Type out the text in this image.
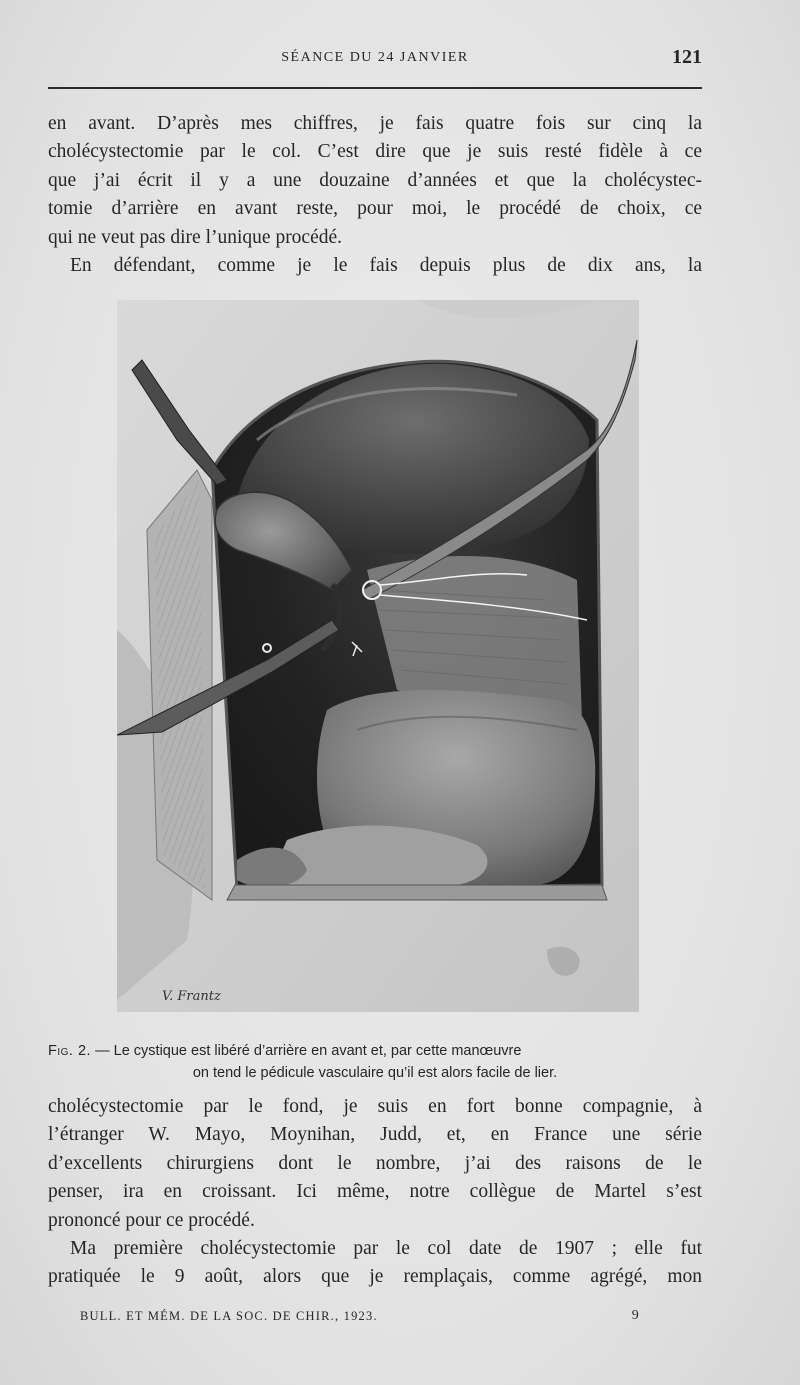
SÉANCE DU 24 JANVIER	121
en avant. D’après mes chiffres, je fais quatre fois sur cinq la
cholécystectomie par le col. C’est dire que je suis resté fidèle à ce
que j’ai écrit il y a une douzaine d’années et que la cholécystec-
tomie d’arrière en avant reste, pour moi, le procédé de choix, ce
qui ne veut pas dire l’unique procédé.
En défendant, comme je le fais depuis plus de dix ans, la
V. Frantz
Fig. 2. — Le cystique est libéré d’arrière en avant et, par cette manœuvre
on tend le pédicule vasculaire qu’il est alors facile de lier.
cholécystectomie par le fond, je suis en fort bonne compagnie, à
l’étranger W. Mayo, Moynihan, Judd, et, en France une série
d’excellents chirurgiens dont le nombre, j’ai des raisons de le
penser, ira en croissant. Ici même, notre collègue de Martel s’est
prononcé pour ce procédé.
Ma première cholécystectomie par le col date de 1907 ; elle fut
pratiquée le 9 août, alors que je remplaçais, comme agrégé, mon
BULL. ET MÉM. DE LA SOC. DE CHIR., 1923.	9
